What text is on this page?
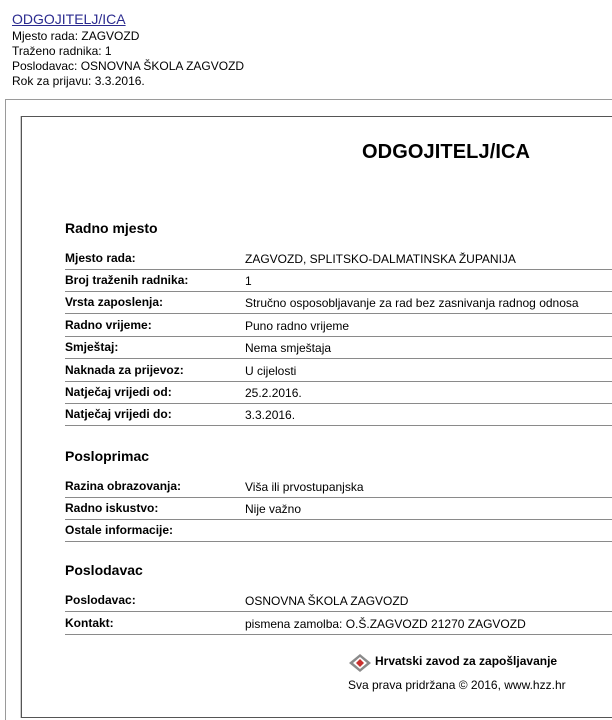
ODGOJITELJ/ICA
Mjesto rada: ZAGVOZD
Traženo radnika: 1
Poslodavac: OSNOVNA ŠKOLA ZAGVOZD
Rok za prijavu: 3.3.2016.
ODGOJITELJ/ICA
Radno mjesto
Mjesto rada:	ZAGVOZD, SPLITSKO-DALMATINSKA ŽUPANIJA
Broj traženih radnika:	1
Vrsta zaposlenja:	Stručno osposobljavanje za rad bez zasnivanja radnog odnosa
Radno vrijeme:	Puno radno vrijeme
Smještaj:	Nema smještaja
Naknada za prijevoz:	U cijelosti
Natječaj vrijedi od:	25.2.2016.
Natječaj vrijedi do:	3.3.2016.
Posloprimac
Razina obrazovanja:	Viša ili prvostupanjska
Radno iskustvo:	Nije važno
Ostale informacije:
Poslodavac
Poslodavac:	OSNOVNA ŠKOLA ZAGVOZD
Kontakt:	pismena zamolba: O.Š.ZAGVOZD 21270 ZAGVOZD
Hrvatski zavod za zapošljavanje
Sva prava pridržana © 2016, www.hzz.hr
